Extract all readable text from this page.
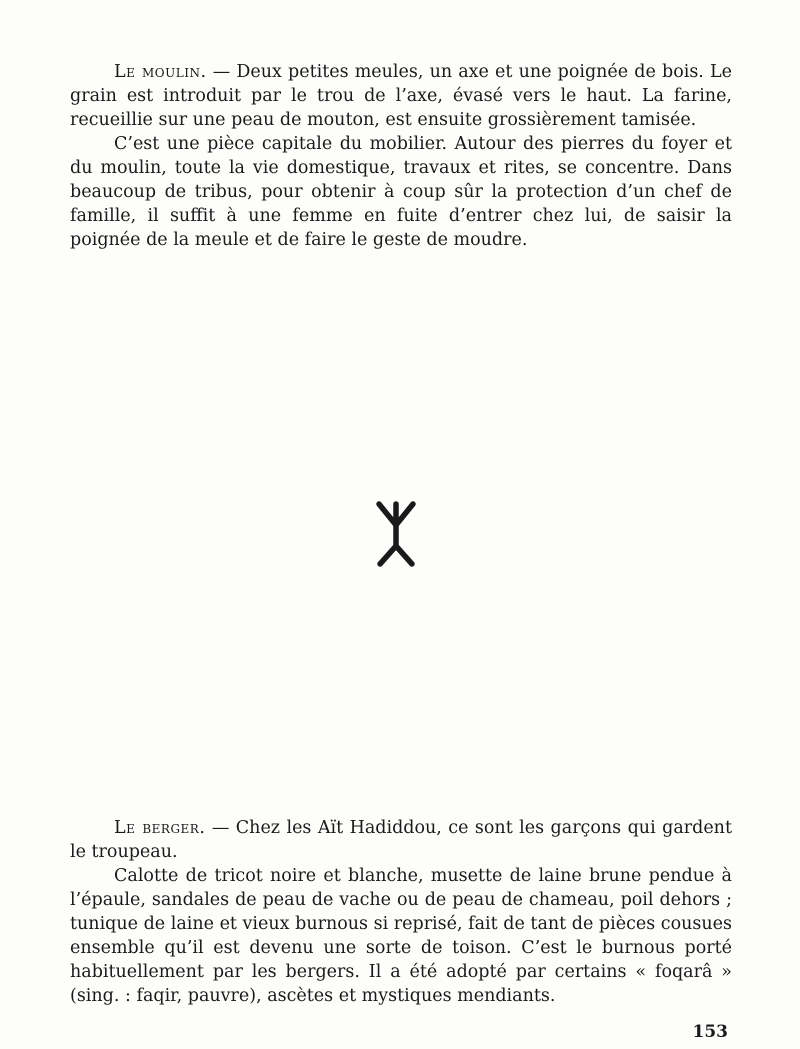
Le moulin. — Deux petites meules, un axe et une poignée de bois. Le grain est introduit par le trou de l’axe, évasé vers le haut. La farine, recueillie sur une peau de mouton, est ensuite grossièrement tamisée.

C’est une pièce capitale du mobilier. Autour des pierres du foyer et du moulin, toute la vie domestique, travaux et rites, se concentre. Dans beaucoup de tribus, pour obtenir à coup sûr la protection d’un chef de famille, il suffit à une femme en fuite d’entrer chez lui, de saisir la poignée de la meule et de faire le geste de moudre.

Le berger. — Chez les Aït Hadiddou, ce sont les garçons qui gardent le troupeau.

Calotte de tricot noire et blanche, musette de laine brune pendue à l’épaule, sandales de peau de vache ou de peau de chameau, poil dehors ; tunique de laine et vieux burnous si reprisé, fait de tant de pièces cousues ensemble qu’il est devenu une sorte de toison. C’est le burnous porté habituellement par les bergers. Il a été adopté par certains « foqarâ » (sing. : faqir, pauvre), ascètes et mystiques mendiants.

153
